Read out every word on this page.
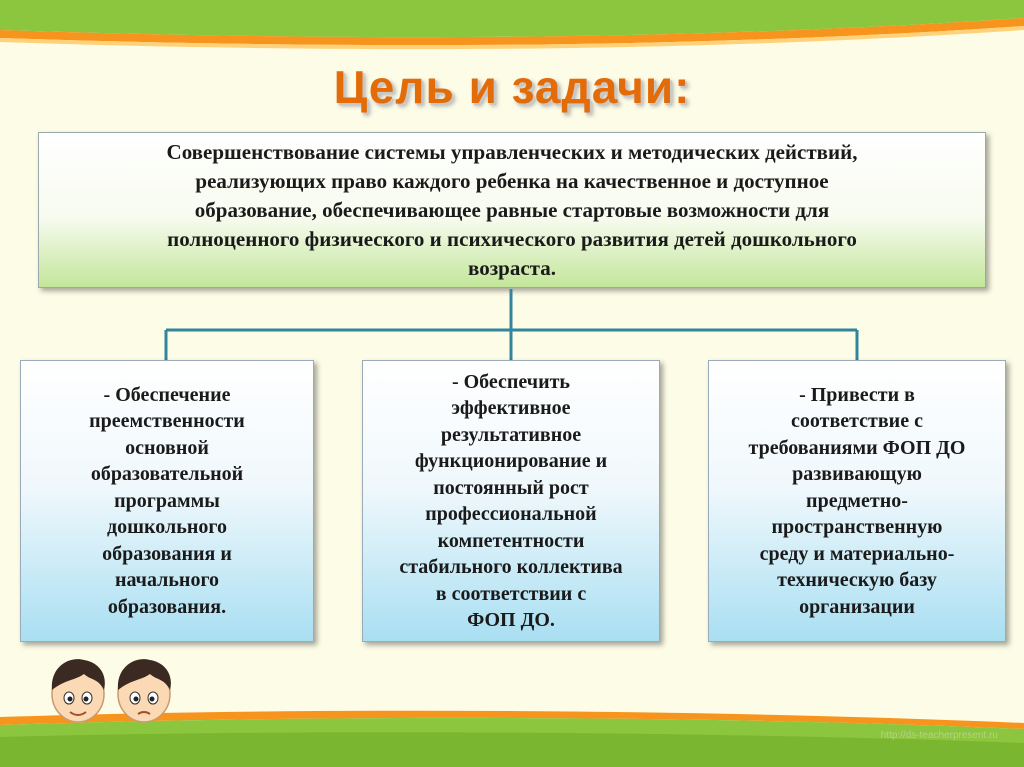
Цель и задачи:
Совершенствование системы управленческих и методических действий,
реализующих право каждого ребенка на качественное и доступное
образование, обеспечивающее равные стартовые возможности для
полноценного физического и психического развития детей дошкольного
возраста.
- Обеспечение
преемственности
основной
образовательной
программы
дошкольного
образования и
начального
образования.
- Обеспечить
эффективное
результативное
функционирование и
постоянный рост
профессиональной
компетентности
стабильного коллектива
в соответствии с
ФОП ДО.
- Привести в
соответствие с
требованиями ФОП ДО
развивающую
предметно-
пространственную
среду и материально-
техническую базу
организации
http://ds-teacherpresent.ru
